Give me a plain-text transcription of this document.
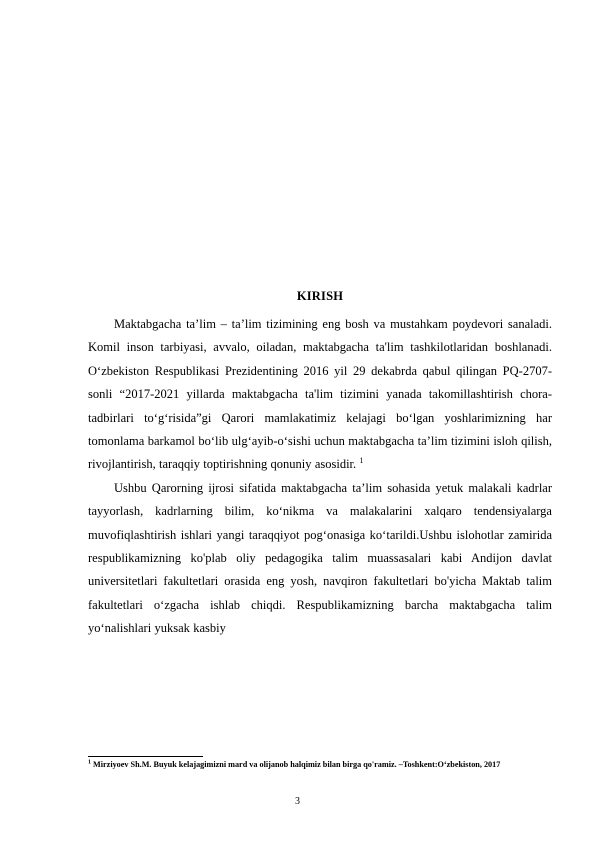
KIRISH

Maktabgacha ta’lim – ta’lim tizimining eng bosh va mustahkam poydevori sanaladi. Komil inson tarbiyasi, avvalo, oiladan, maktabgacha ta'lim tashkilotlaridan boshlanadi. O‘zbekiston Respublikasi Prezidentining 2016 yil 29 dekabrda qabul qilingan PQ-2707-sonli “2017-2021 yillarda maktabgacha ta'lim tizimini yanada takomillashtirish chora-tadbirlari to‘g‘risida”gi Qarori mamlakatimiz kelajagi bo‘lgan yoshlarimizning har tomonlama barkamol bo‘lib ulg‘ayib-o‘sishi uchun maktabgacha ta’lim tizimini isloh qilish, rivojlantirish, taraqqiy toptirishning qonuniy asosidir. $^1$

Ushbu Qarorning ijrosi sifatida maktabgacha ta’lim sohasida yetuk malakali kadrlar tayyorlash, kadrlarning bilim, ko‘nikma va malakalarini xalqaro tendensiyalarga muvofiqlashtirish ishlari yangi taraqqiyot pog‘onasiga ko‘tarildi.Ushbu islohotlar zamirida respublikamizning ko'plab oliy pedagogika talim muassasalari kabi Andijon davlat universitetlari fakultetlari orasida eng yosh, navqiron fakultetlari bo'yicha Maktab talim fakultetlari o‘zgacha ishlab chiqdi. Respublikamizning barcha maktabgacha talim yo‘nalishlari yuksak kasbiy

$^1$ Mirziyoev Sh.M. Buyuk kelajagimizni mard va olijanob halqimiz bilan birga qo'ramiz. –Toshkent:O‘zbekiston, 2017
3
